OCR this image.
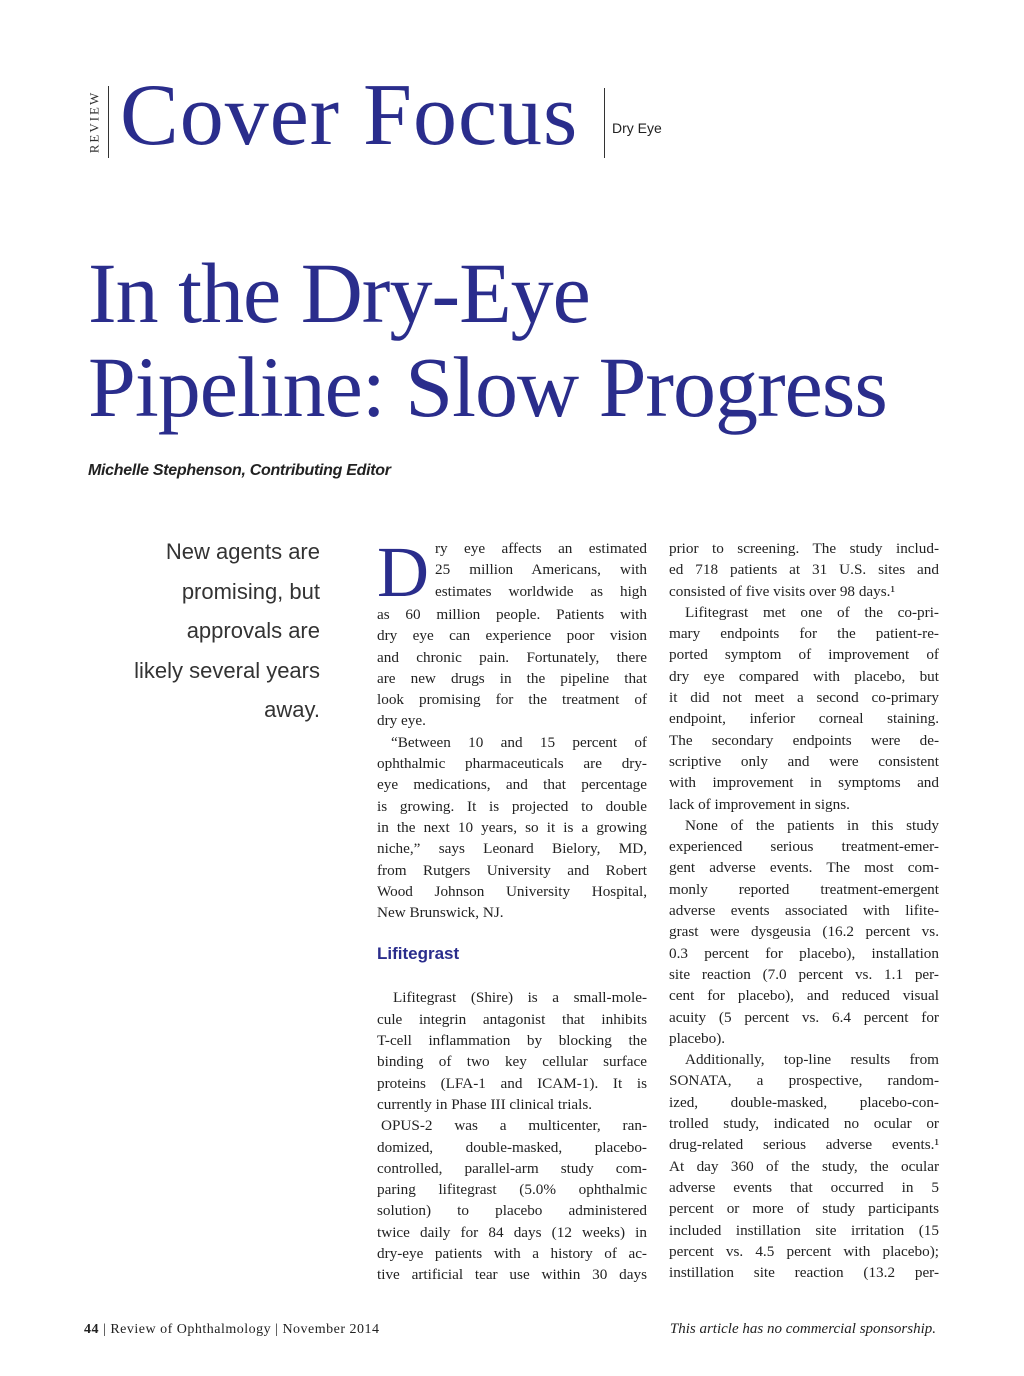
REVIEW Cover Focus Dry Eye
In the Dry-Eye
Pipeline: Slow Progress
Michelle Stephenson, Contributing Editor
New agents are
promising, but
approvals are
likely several years
away.
D ry eye affects an estimated
25 million Americans, with
estimates worldwide as high
as 60 million people. Patients with
dry eye can experience poor vision
and chronic pain. Fortunately, there
are new drugs in the pipeline that
look promising for the treatment of
dry eye.
“Between 10 and 15 percent of
ophthalmic pharmaceuticals are dry-
eye medications, and that percentage
is growing. It is projected to double
in the next 10 years, so it is a growing
niche,” says Leonard Bielory, MD,
from Rutgers University and Robert
Wood Johnson University Hospital,
New Brunswick, NJ.
Lifitegrast
Lifitegrast (Shire) is a small-mole-
cule integrin antagonist that inhibits
T-cell inflammation by blocking the
binding of two key cellular surface
proteins (LFA-1 and ICAM-1). It is
currently in Phase III clinical trials.
OPUS-2 was a multicenter, ran-
domized, double-masked, placebo-
controlled, parallel-arm study com-
paring lifitegrast (5.0% ophthalmic
solution) to placebo administered
twice daily for 84 days (12 weeks) in
dry-eye patients with a history of ac-
tive artificial tear use within 30 days
prior to screening. The study includ-
ed 718 patients at 31 U.S. sites and
consisted of five visits over 98 days.¹
Lifitegrast met one of the co-pri-
mary endpoints for the patient-re-
ported symptom of improvement of
dry eye compared with placebo, but
it did not meet a second co-primary
endpoint, inferior corneal staining.
The secondary endpoints were de-
scriptive only and were consistent
with improvement in symptoms and
lack of improvement in signs.
None of the patients in this study
experienced serious treatment-emer-
gent adverse events. The most com-
monly reported treatment-emergent
adverse events associated with lifite-
grast were dysgeusia (16.2 percent vs.
0.3 percent for placebo), installation
site reaction (7.0 percent vs. 1.1 per-
cent for placebo), and reduced visual
acuity (5 percent vs. 6.4 percent for
placebo).
Additionally, top-line results from
SONATA, a prospective, random-
ized, double-masked, placebo-con-
trolled study, indicated no ocular or
drug-related serious adverse events.¹
At day 360 of the study, the ocular
adverse events that occurred in 5
percent or more of study participants
included instillation site irritation (15
percent vs. 4.5 percent with placebo);
instillation site reaction (13.2 per-
44 | Review of Ophthalmology | November 2014	This article has no commercial sponsorship.
